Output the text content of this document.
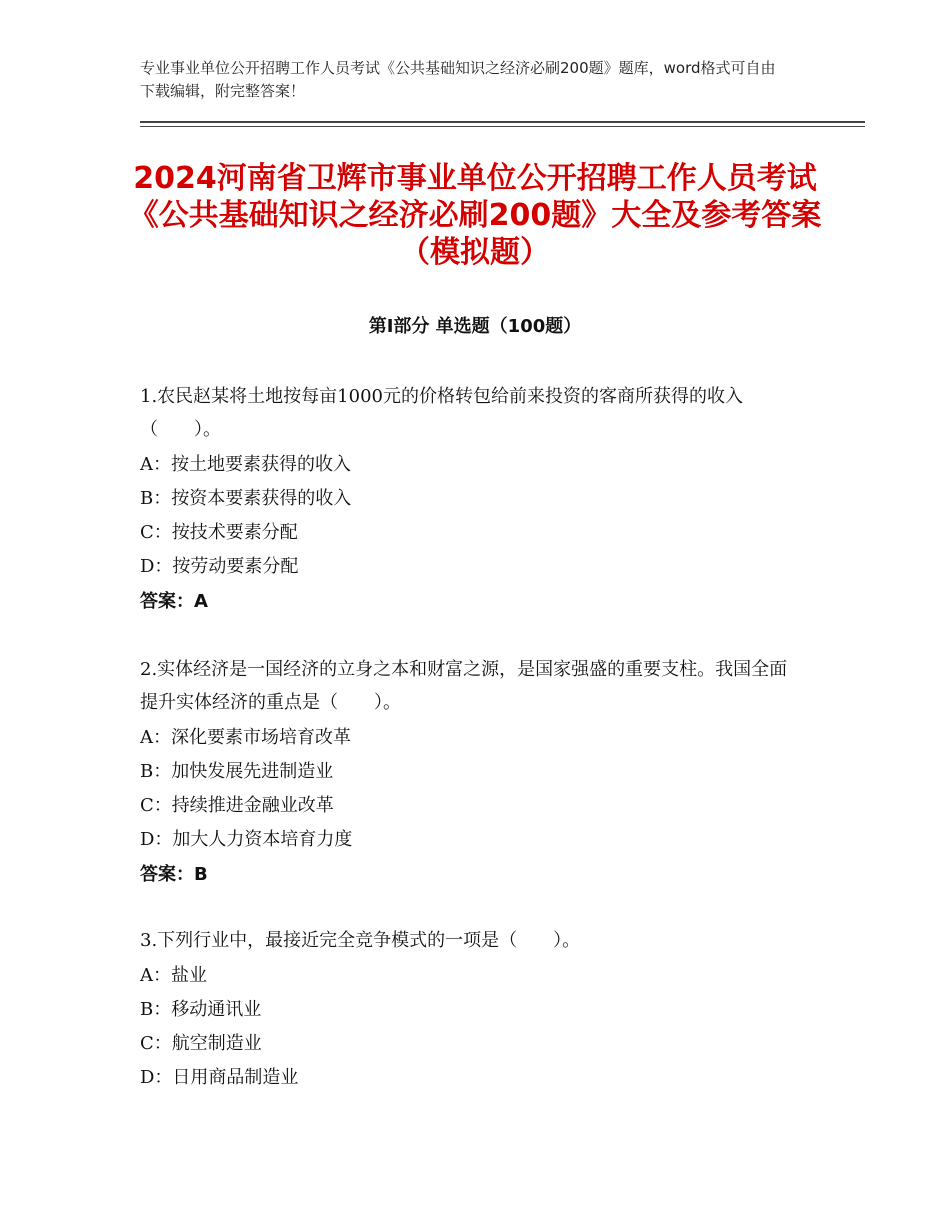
专业事业单位公开招聘工作人员考试《公共基础知识之经济必刷200题》题库，word格式可自由下载编辑，附完整答案！
2024河南省卫辉市事业单位公开招聘工作人员考试《公共基础知识之经济必刷200题》大全及参考答案（模拟题）
第Ⅰ部分 单选题（100题）
1.农民赵某将土地按每亩1000元的价格转包给前来投资的客商所获得的收入（　　）。
A：按土地要素获得的收入
B：按资本要素获得的收入
C：按技术要素分配
D：按劳动要素分配
答案：A
2.实体经济是一国经济的立身之本和财富之源，是国家强盛的重要支柱。我国全面提升实体经济的重点是（　　）。
A：深化要素市场培育改革
B：加快发展先进制造业
C：持续推进金融业改革
D：加大人力资本培育力度
答案：B
3.下列行业中，最接近完全竞争模式的一项是（　　）。
A：盐业
B：移动通讯业
C：航空制造业
D：日用商品制造业
